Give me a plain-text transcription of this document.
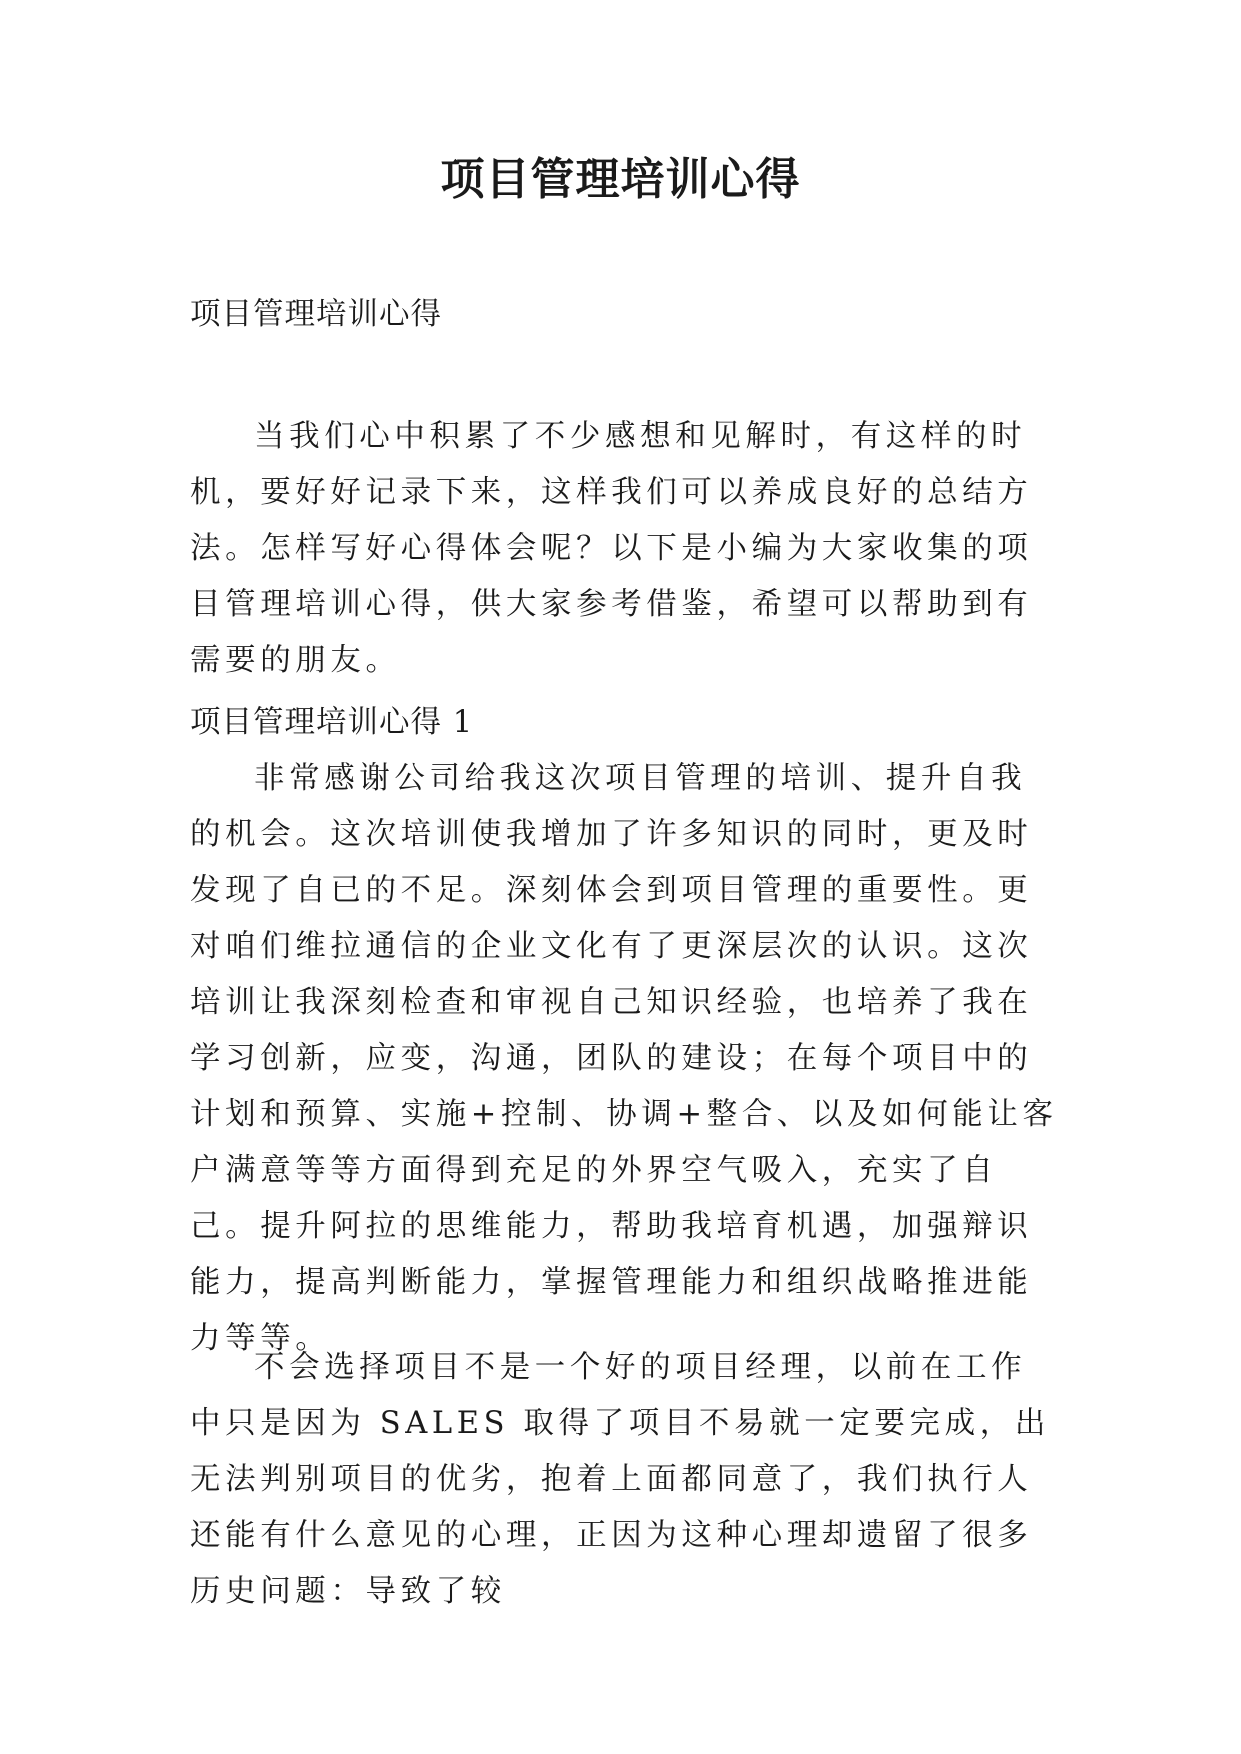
项目管理培训心得

项目管理培训心得

当我们心中积累了不少感想和见解时，有这样的时机，要好好记录下来，这样我们可以养成良好的总结方法。怎样写好心得体会呢？以下是小编为大家收集的项目管理培训心得，供大家参考借鉴，希望可以帮助到有需要的朋友。

项目管理培训心得 1

非常感谢公司给我这次项目管理的培训、提升自我的机会。这次培训使我增加了许多知识的同时，更及时发现了自已的不足。深刻体会到项目管理的重要性。更对咱们维拉通信的企业文化有了更深层次的认识。这次培训让我深刻检查和审视自己知识经验，也培养了我在学习创新，应变，沟通，团队的建设；在每个项目中的计划和预算、实施+控制、协调+整合、以及如何能让客户满意等等方面得到充足的外界空气吸入，充实了自己。提升阿拉的思维能力，帮助我培育机遇，加强辩识能力，提高判断能力，掌握管理能力和组织战略推进能力等等。

不会选择项目不是一个好的项目经理，以前在工作中只是因为 SALES 取得了项目不易就一定要完成，出无法判别项目的优劣，抱着上面都同意了，我们执行人还能有什么意见的心理，正因为这种心理却遗留了很多历史问题：导致了较
